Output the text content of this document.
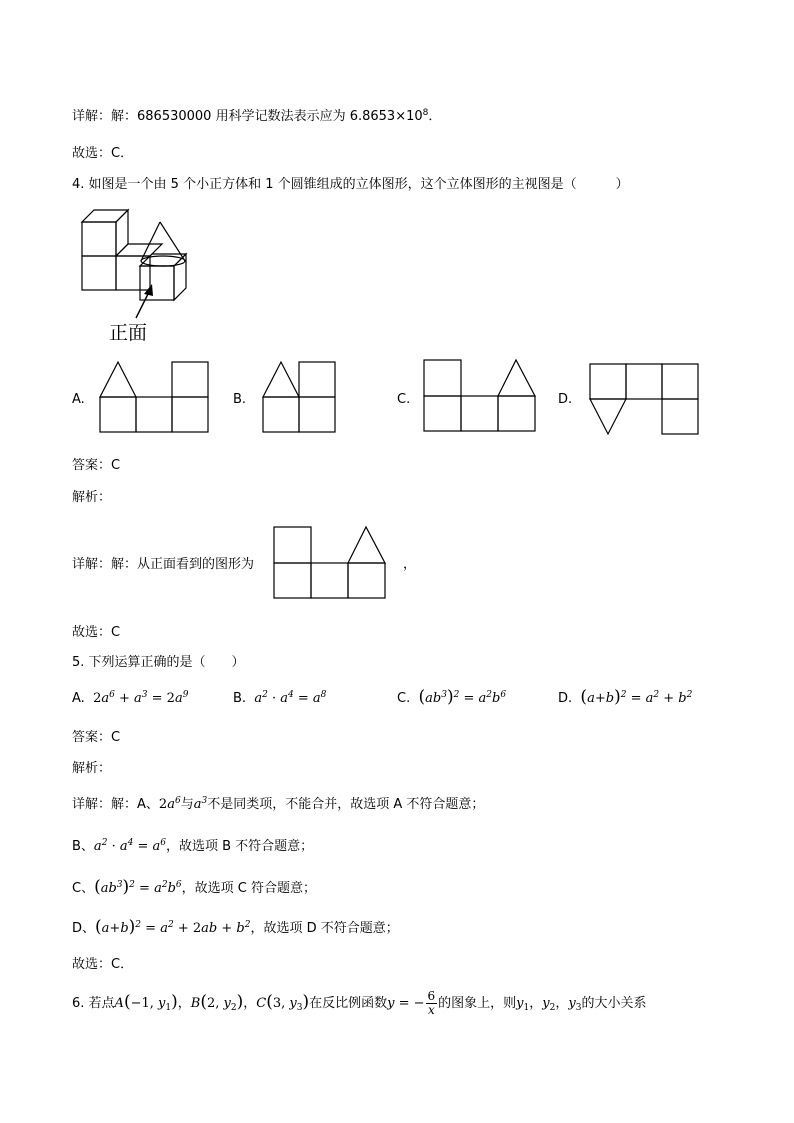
详解：解：686530000 用科学记数法表示应为 $6.8653\times 10^8$．
故选：C．
4. 如图是一个由 5 个小正方体和 1 个圆锥组成的立体图形，这个立体图形的主视图是（　　　）
正面
A.	B.	C.	D.
答案：C
解析：
详解：解：从正面看到的图形为	，
故选：C
5. 下列运算正确的是（　　）
A. $2a^6 + a^3 = 2a^9$	B. $a^2 \cdot a^4 = a^8$	C. $(ab^3)^2 = a^2b^6$	D. $(a+b)^2 = a^2 + b^2$
答案：C
解析：
详解：解：A、$2a^6$与$a^3$不是同类项，不能合并，故选项 A 不符合题意；
B、$a^2 \cdot a^4 = a^6$，故选项 B 不符合题意；
C、$(ab^3)^2 = a^2b^6$，故选项 C 符合题意；
D、$(a+b)^2 = a^2 + 2ab + b^2$，故选项 D 不符合题意；
故选：C．
6. 若点A(−1, $y_1$)，B(2, $y_2$)，C(3, $y_3$)在反比例函数y = − $\frac{6}{x}$ 的图象上，则$y_1$，$y_2$，$y_3$的大小关系
